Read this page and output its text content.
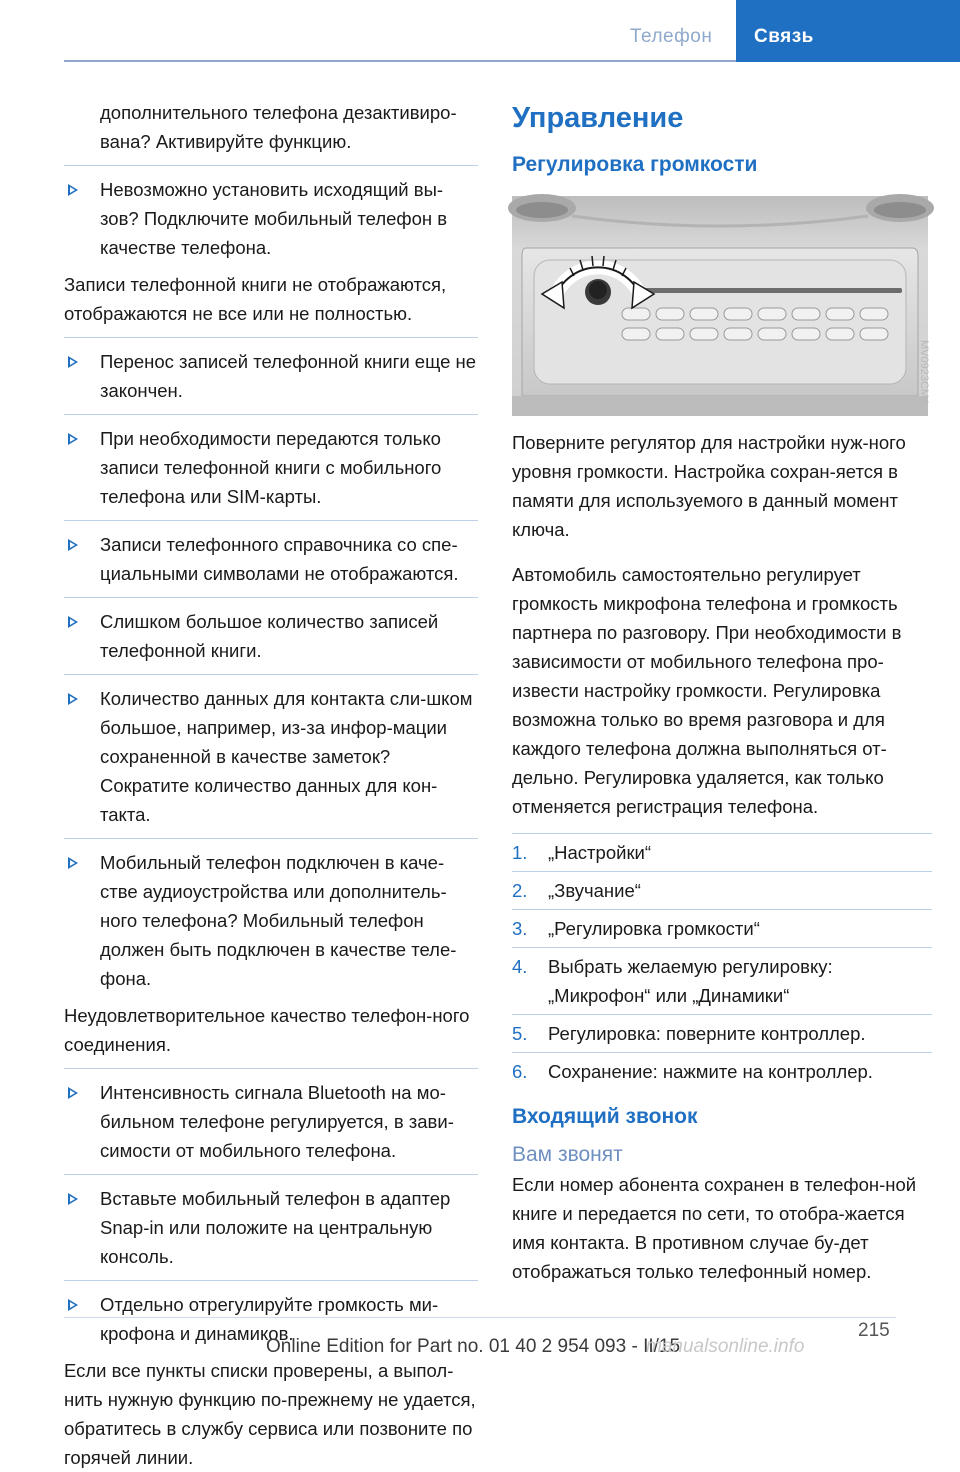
Телефон	Связь
дополнительного телефона дезактивиро-вана? Активируйте функцию.
Невозможно установить исходящий вы-зов? Подключите мобильный телефон в качестве телефона.

Записи телефонной книги не отображаются, отображаются не все или не полностью.

Перенос записей телефонной книги еще не закончен.
При необходимости передаются только записи телефонной книги с мобильного телефона или SIM-карты.
Записи телефонного справочника со спе-циальными символами не отображаются.
Слишком большое количество записей телефонной книги.
Количество данных для контакта сли-шком большое, например, из-за инфор-мации сохраненной в качестве заметок? Сократите количество данных для кон-такта.
Мобильный телефон подключен в каче-стве аудиоустройства или дополнитель-ного телефона? Мобильный телефон должен быть подключен в качестве теле-фона.

Неудовлетворительное качество телефон-ного соединения.

Интенсивность сигнала Bluetooth на мо-бильном телефоне регулируется, в зави-симости от мобильного телефона.
Вставьте мобильный телефон в адаптер Snap-in или положите на центральную консоль.
Отдельно отрегулируйте громкость ми-крофона и динамиков.

Если все пункты списки проверены, а выпол-нить нужную функцию по-прежнему не удается, обратитесь в службу сервиса или позвоните по горячей линии.

Управление
Регулировка громкости

Поверните регулятор для настройки нуж-ного уровня громкости. Настройка сохран-яется в памяти для используемого в данный момент ключа.

Автомобиль самостоятельно регулирует громкость микрофона телефона и громкость партнера по разговору. При необходимости в зависимости от мобильного телефона про-извести настройку громкости. Регулировка возможна только во время разговора и для каждого телефона должна выполняться от-дельно. Регулировка удаляется, как только отменяется регистрация телефона.

1. „Настройки“
2. „Звучание“
3. „Регулировка громкости“
4. Выбрать желаемую регулировку: „Микрофон“ или „Динамики“
5. Регулировка: поверните контроллер.
6. Сохранение: нажмите на контроллер.
Входящий звонок
Вам звонят

Если номер абонента сохранен в телефон-ной книге и передается по сети, то отобра-жается имя контакта. В противном случае бу-дет отображаться только телефонный номер.

MV0923CMA
215
Online Edition for Part no. 01 40 2 954 093 - II/15
manualsonline.info
